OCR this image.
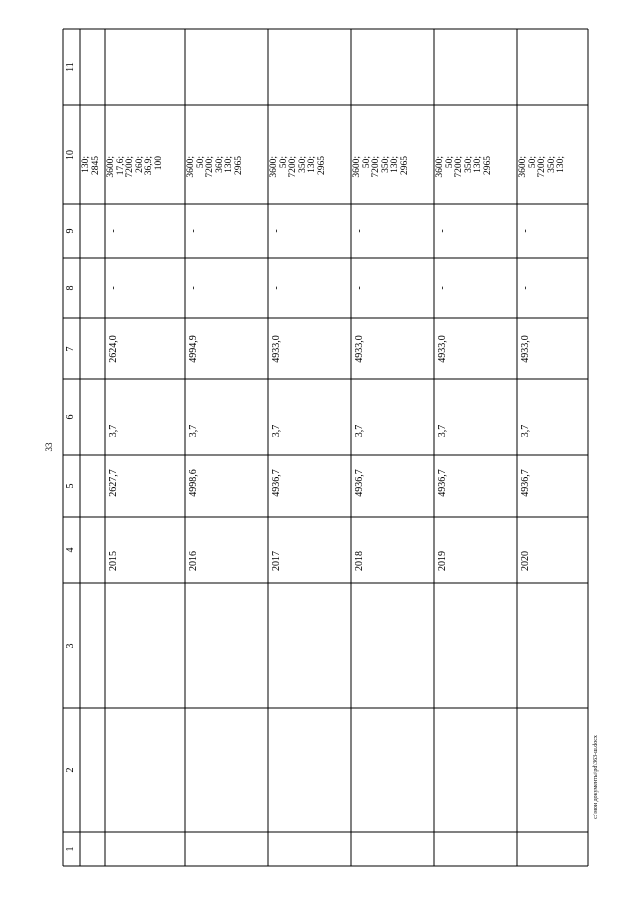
33
c:\мои документы\рd\363-ш.docx
1
2
3
4
5
6
7
8
9
10
11
130; 2845
2015
2627,7
3,7
2624,0
-
-
3600; 17,6; 7200; 260; 36,9; 100
2016
4998,6
3,7
4994,9
-
-
3600; 50; 7200; 360; 130; 2965
2017
4936,7
3,7
4933,0
-
-
3600; 50; 7200; 350; 130; 2965
2018
4936,7
3,7
4933,0
-
-
3600; 50; 7200; 350; 130; 2965
2019
4936,7
3,7
4933,0
-
-
3600; 50; 7200; 350; 130; 2965
2020
4936,7
3,7
4933,0
-
-
3600; 50; 7200; 350; 130;
